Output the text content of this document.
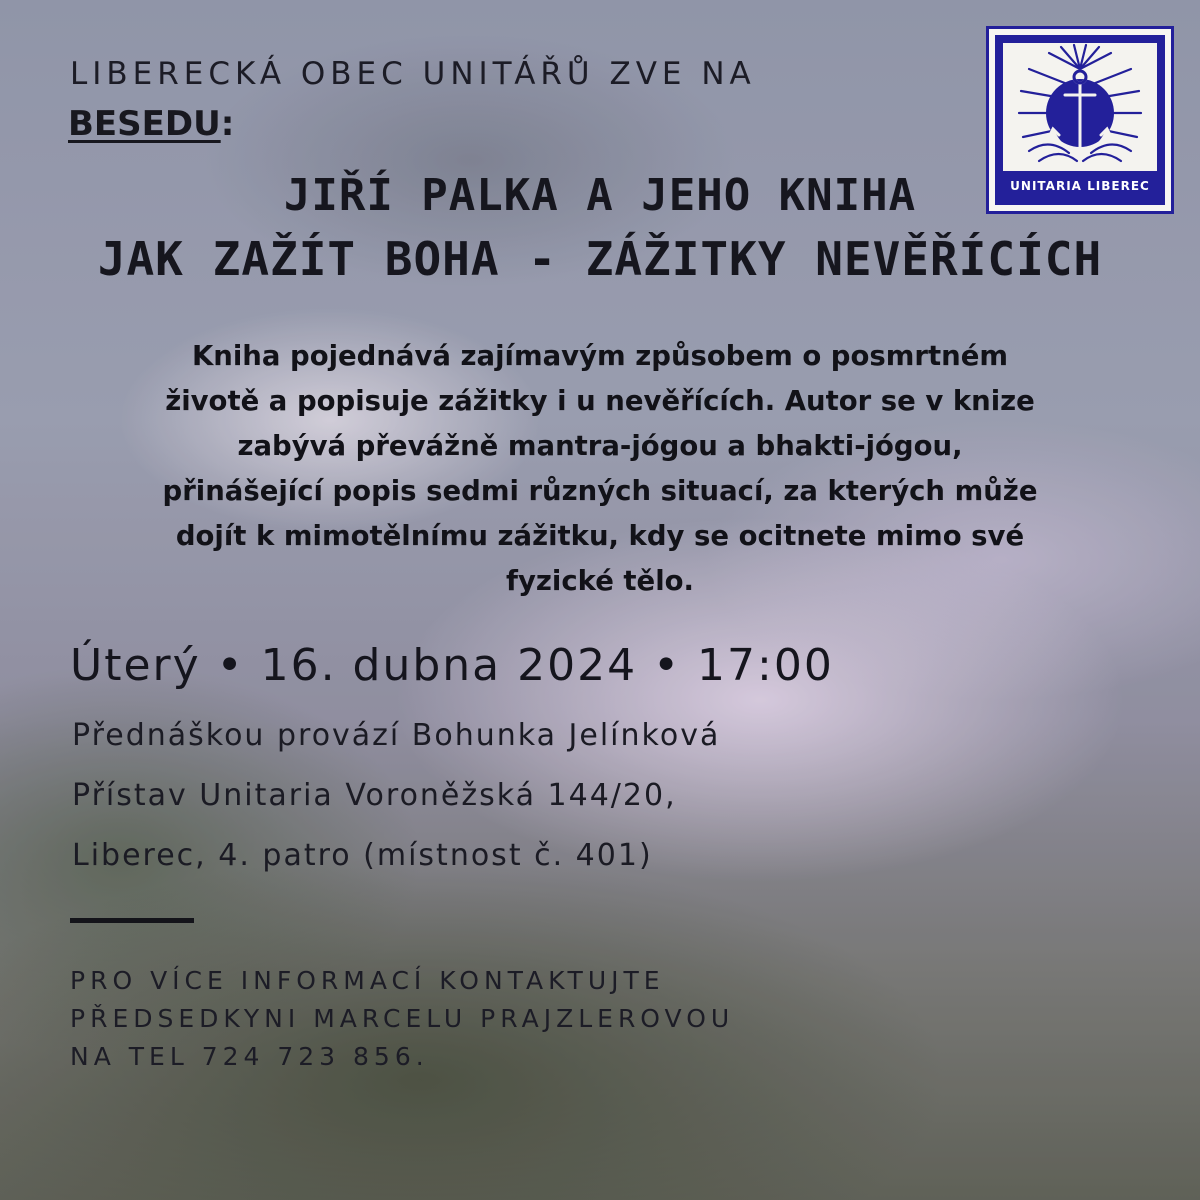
LIBERECKÁ OBEC UNITÁŘŮ ZVE NA
BESEDU:
JIŘÍ PALKA A JEHO KNIHA
JAK ZAŽÍT BOHA - ZÁŽITKY NEVĚŘÍCÍCH
Kniha pojednává zajímavým způsobem o posmrtném
životě a popisuje zážitky i u nevěřících. Autor se v knize
zabývá převážně mantra-jógou a bhakti-jógou,
přinášející popis sedmi různých situací, za kterých může
dojít k mimotělnímu zážitku, kdy se ocitnete mimo své
fyzické tělo.
Úterý • 16. dubna 2024 • 17:00
Přednáškou provází Bohunka Jelínková
Přístav Unitaria Voroněžská 144/20,
Liberec, 4. patro (místnost č. 401)
PRO VÍCE INFORMACÍ KONTAKTUJTE
PŘEDSEDKYNI MARCELU PRAJZLEROVOU
NA TEL 724 723 856.
UNITARIA LIBEREC
